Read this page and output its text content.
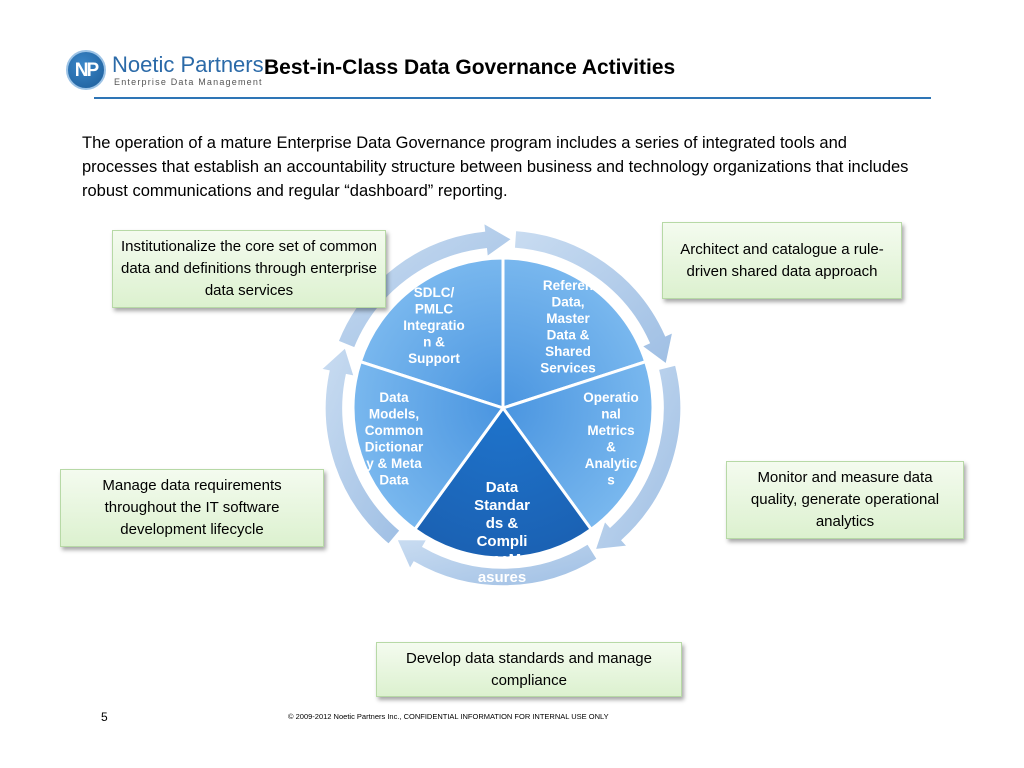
NP Noetic Partners
Enterprise Data Management
Best-in-Class Data Governance Activities
The operation of a mature Enterprise Data Governance program includes a series of integrated tools and processes that establish an accountability structure between business and technology organizations that includes robust communications and regular “dashboard” reporting.
SDLC/ PMLC Integratio n & Support
Referen Data, Master Data & Shared Services
Operatio nal Metrics & Analytic s
Data Standar ds & Compli anceMe asures
Data Models, Common Dictionar y & Meta Data
Institutionalize the core set of common data and definitions through enterprise data services
Architect and catalogue a rule-driven shared data approach
Manage data requirements throughout the IT software development lifecycle
Monitor and measure data quality, generate operational analytics
Develop data standards and manage compliance
5	© 2009-2012 Noetic Partners Inc., CONFIDENTIAL INFORMATION FOR INTERNAL USE ONLY
